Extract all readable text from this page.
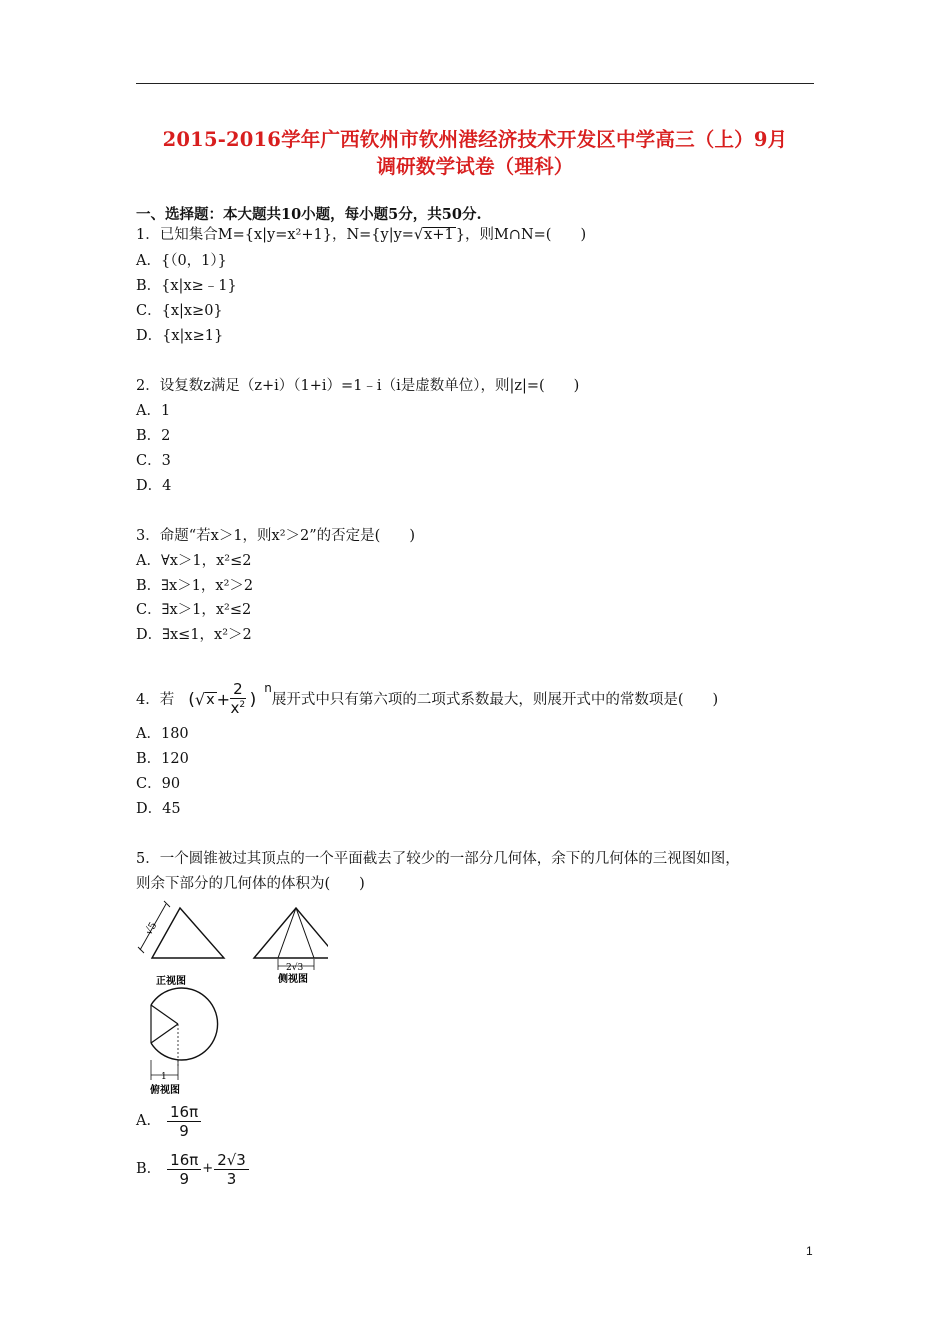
2015-2016学年广西钦州市钦州港经济技术开发区中学高三（上）9月
调研数学试卷（理科）
一、选择题：本大题共10小题，每小题5分，共50分.
1．已知集合M={x|y=x²+1}，N={y|y=√x+1 }，则M∩N=(　　)
A．{（0，1）}
B．{x|x≥﹣1}
C．{x|x≥0}
D．{x|x≥1}
2．设复数z满足（z+i）（1+i）=1﹣i（i是虚数单位），则|z|=(　　)
A．1
B．2
C．3
D．4
3．命题“若x＞1，则x²＞2”的否定是(　　)
A．∀x＞1，x²≤2
B．∃x＞1，x²＞2
C．∃x＞1，x²≤2
D．∃x≤1，x²＞2
4．若 ( √ $x + \frac{2}{x^2}$ )
n
展开式中只有第六项的二项式系数最大，则展开式中的常数项是(　　)
A．180
B．120
C．90
D．45
5．一个圆锥被过其顶点的一个平面截去了较少的一部分几何体，余下的几何体的三视图如图，
则余下部分的几何体的体积为(　　)
√5
正视图
2√3
侧视图
1
俯视图
A． $\frac{16\pi}{9}$
B． $\frac{16\pi}{9} + \frac{2√3}{3}$
1
